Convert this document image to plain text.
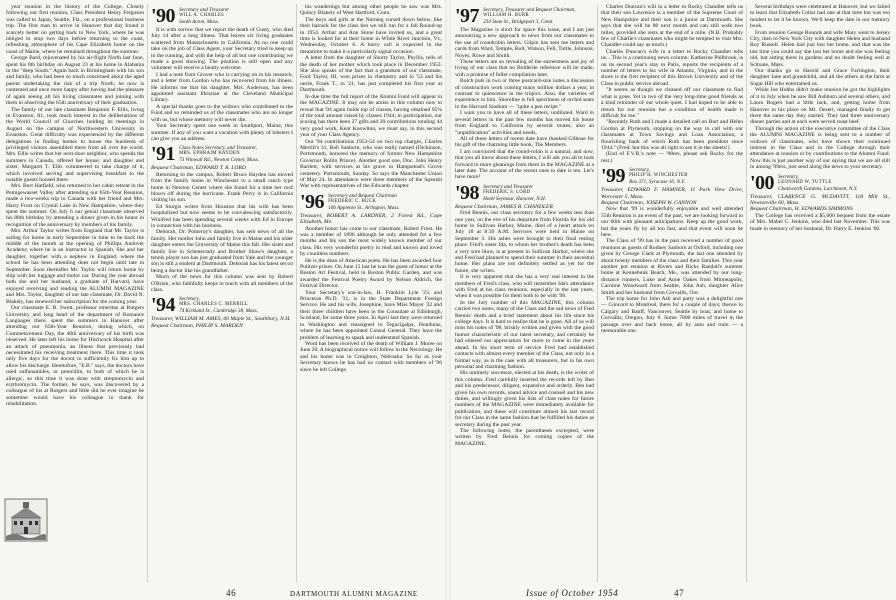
year reunion in the history of the College. Closely following our first reunion, Class President Henry Ferguson was called to Japan, Seattle, Fla., on a professional business trip. The first man to arrive in Hanover that day found it scarcely better on getting back to New York, where he was obliged to stop two days before returning to the coast, refreshing atmosphere of his Cape Elizabeth home on the coast of Maine, where he remained throughout the summer.

George Bard, rejuvenated by his air-flight North last June, spent his 8th birthday on August 23 at his home in Alabama in the "deep South." Again back in Birmingham with his son and family, who had been so much concerned about the aged parent undertaking the risk of a trip North, he now is contented and once more happy after having had the pleasure of again seeing all his living classmates and joining with them in observing the 65th anniversary of their graduation.

The family of our late classmate Benjamin F. Ellis, living in Evanston, Ill., took much interest in the deliberations of the World Council of Churches holding its meetings in August on the campus of Northwestern University in Evanston. Great difficulty was experienced by the different delegations in finding homes to house the hundreds of privileged visitors assembled there from all over the world. Mrs. Ellis writes that her next-door neighbor, who spends the summers in Canada, offered her house; and daughter and sister, Margaret T. Ellis volunteered to take charge of it, which involved serving and supervising breakfast to the notable guests housed there.

Mrs. Burr Hatfield, who returned to her cabin retreat in the Pemigewasset Valley after attending our 65th-Year Reunion, made a two-weeks trip to Canada with her friend and Mrs. Harry Frost on Crystal Lake in New Hampshire, where they spent the summer. On July 6 our genial classmate observed his 88th birthday by attending a dinner given in his honor in recognition of the anniversary by members of his family.

Mrs. Arthur Taylor writes from England that Mr. Taylor is sailing for home in early September in time to be back the middle of the month at the opening of Phillips Andover Academy where he is an instructor in Spanish. She and her daughter, together with a nephew in England, where the school he has been attending does not begin until late in September. Soon thereafter Mr. Taylor will return home by ship with her luggage and motor car. During the year abroad both she and her husband, a graduate of Harvard, have enjoyed receiving and reading the ALUMNI MAGAZINE and Mrs. Taylor, daughter of our late classmate, Dr. David N. Blakely, has renewed her subscription for the coming year.

Our classmate E. B. Swett, professor emeritus at Rutgers University and long head of the department of Romance Languages there, spent the summers in Hanover after attending our 65th-Year Reunion, during which, on Commencement Day, the 40th anniversary of his birth was observed. He later left his home for Hitchcock Hospital after an attack of pneumonia, an illness that previously had necessitated his receiving treatment there. This time it took only five days for the doctor to sufficiently fix him up to allow his discharge. Heretofore, "E.B." says, the doctors have used sulfanamides, or penicillin, to both of which he is allergic, so this time it was done with streptomycin and erythromycin. The former, he says, was discovered by a colleague of his at Rutgers and little did he ever imagine he sometime would have his colleague to thank for rehabilitation.

'90 Secretary and Treasurer
WILL A. CHARLES
South Acton, Mass.

It is with sorrow that we report the death of Gusty, who died July 14 after a long illness. That leaves six living graduates scattered from Massachusetts to California. As no one could take on the job of Class Agent, your Secretary tried to keep up in the running, and with the help of all but one contributing we made a good showing. The position is still open and any volunteer will receive a hearty welcome.

I had a note from Grover who is carrying on in his research, and a letter from Gordon who has recovered from his illness. He informs me that his daughter, Mrs. Anderson, has been appointed assistant librarian at the Cleveland Municipal Library.

A special thanks goes to the widows who contributed to the Fund and so reminded us of the classmates who are no longer with us, but whose memory will never die.

Your Secretary spent one week in Southport, Maine, this summer. If any of you want a vacation with plenty of lobsters I can give you an address.

'91 Class Notes Secretary, and Treasurer,
MRS. EPHRAIM HAYDEN
73 Winwall Rd., Newton Center, Mass.

Bequest Chairman, EDWARD T. R. LORD

Returning to the campus, Robert Bruce Hayden has moved from the family home in Winchester to a small ranch type home in Newton Center where she found for a time her roof blown off during the hurricane. Frank Perry is in California visiting his son.

Ed Sturgis writes from Houston that his wife has been hospitalized but now seems to be convalescing satisfactorily. Winifred has been spending several weeks with Ed in Europe in connection with his business.

Deborah, Dr. Pomeroy's daughter, has sent news of all the family. Her mother John and family live in Maine and his older daughter enters the University of Maine this fall. Her sister and family live in Schenectady and Brother Shaw's daughter, a tennis player son has just graduated from Yale and the younger son is still a student at Dartmouth. Deborah has his latest set on being a doctor like his grandfather.

Much of the news for this column was sent by Robert O'Brien, who faithfully keeps in touch with all members of the class.

'94 Secretary,
MRS. CHARLES C. MERRILL
74 Kirkland St., Cambridge 38, Mass.

Treasurer, WILLIAM M. AMES, 60 Maple St., Southbury, N.H.

Bequest Chairman, PHILIP S. MARDEN

his wanderings but among other people he saw was Mrs. Quincy Blakely of West Hartford, Conn.

The boys and girls at the Nutmeg cursed down below, like their barrack for the class ties we still run for a fall Round-up in 1954. Arthur and Ann Stone have invited us, and a great time is looked for at their home in White River Junction, Vt., Wednesday, October 6. A hurry call is expected in the meantime to make it a particularly signal occasion.

A letter from the daughter of Shorty Taylor, Phyllis, tells of the death of her mother which took place in December 1953. She also speaks of the fact that a grandson of our classmate, Ford Taylor, III, won prizes in chemistry and in '53 and his uncle, Frank T., in '21, has just completed his first year at Dartmouth.

In due time the full report of the Alumni Fund will appear in the MAGAZINE. It may not be amiss in this column now to reveal that '94 again holds top of classes, having obtained 95% of the total amount raised by classes 1944; in participation, our scoring has there been 27 gifts and 20 contributions totaling 44 very good work, Kent Knowlton, we must say, in this second year of your Class Agency.

Our '94 contributions 1953-54 on two top charges, Charles Merrill's 31, Bob Sanborn, who was really named (Dickinson, Portsmouth, honored the memory of former New Hampshire Governor Rollin Prince). Another good one, Doc. John Henry Bartlett, with services at his grave in Hampstead's Grove cemetery. Portsmouth, Sunday. So says the Manchester Union of May 24. In attendance were three members of the Spanish War with representatives of the Edwards chapter.

'96 Secretary and Bequest Chairman
FREDERIC C. BUCK
106 Appleton St., Arlington, Mass.

Treasurer, ROBERT A. LARDNER, 2 Forest Rd., Cape Elizabeth, Me.

Another honor has come to our classmate, Robert Frost. He was a member of 1896 although he only attended for a few months and his son the most widely known member of our class. His very wonderful poetry in read and known and loved by countless numbers.

He is the dean of American poets. He has been awarded four Pulitzer prizes. On June 15 last he was the guest of honor at the Boston Art Festival, held in Boston Public Garden, and was awarded the Festival Poetry Award by Nelson Aldrich, the Festival Director.

Your Secretary's son-in-law, H. Franklin Lyle '23, and Princeton Ph.D. '31, is in the State Department Foreign Service. He and his wife, Josephine, have Miss Mayer '32 and their three children have been in the Consulate at Edinburgh, Scotland, for some three years. In April last they were returned to Washington and reassigned to Tegucigalpa, Honduras, where he has been appointed Consul General. They have the problem of learning to speak and understand Spanish.

Word has been received of the death of William J. Moree on June 20. A biographical notice will follow in the Necrology. He and his home was in Creighton, Nebraska. So far as your Secretary knows he has had no contact with members of '96 since he left College.

'97 Secretary, Treasurer and Bequest Chairman,
WILLIAM H. BURR
234 State St., Bridgeport 3, Conn.

The Magazine is short for space this issue, and I am just announcing a new approach to news from our classmates to the use of roundrobin letters. Gilpin has sent me letters and cards from Ward, Temple, Bolt, Watson, Fell, Tuttle, Johnson, Noyes, Rowe and Smith.

These letters are so revealing of the earnestness and joy of living of our class that no Bolderite reference will be made, with a promise of fuller compilation later.

Bolch puts in two or three postcard-size notes a discussion of construction work coming many million dollars a year, in contrast to quiescence in the tropics. Also, the varieties of experience in him. Shoreline is full specimens of orchid seats in the Harvard Stadium — "quite a pen recipe."

I want you to have all of these letters, undiluted. Ward in several letters in the past few months has moved his home from England to California by several routes; also an "unpublication" activities and needs.

All of these letters of recent date have thanked Gilbose for his gift of the charming little book, The Members.

I am convinced that the round-robin is a natural, and now, that you all know about these letters, I will ask you all to look forward to more gleanings from them in the MAGAZINE at a later date. The account of the recent ones to date is ten. Let's have more!

'98 Secretary and Treasurer
FREDERIC S. LORD
Hotel Seymour, Hanover, N.H.

Bequest Chairman, JAMES B. CHANDLER

Fred Bennis, our class secretary for a few weeks less than one year, on the eve of his departure from Florida for his old home in Sullivan Harbor, Maine, died of a heart attack on July 18 at 8:30 A.M. Services were held in Maine on September 3. His ashes were brought to their final resting place. Fred's sister Ida, to whom her brother's death has been a very sore blow, is at present in Sullivan Harbor, where she and Fred had planned to spend their summer in their ancestral home. Her plans are not definitely settled as yet for the future, she writes.

It is very apparent that she has a very real interest in the members of Fred's class, who will remember Ida's attendance with Fred at his class reunions, especially in the last years, when it was possible for them both to be with '98.

In the July number of this MAGAZINE, this column carried two notes, many of the Class and the sad news of Fred Bennis' death and a brief statement about his life since his college days. It is hard to realize that he is gone. All of us will miss his notes of '98, briskly written and given with the good humor characteristic of our latest secretary, and certainly he had entered our appreciation for more to come in the years ahead. In his short term of service Fred had established contacts with almost every member of the Class, not only in a formal way, as is the case with all treasurers, but in his own personal and charming fashion.

His untimely successor, elected at his death, is the writer of this column. Fred carefully inserted the records left by Ben and his predecessor, diligent, expansive and orderly. Ben had given his own records, sound advice and counsel and his new duties, and willingly given his lists of class notes for future numbers of the MAGAZINE were immediately available for publication, and these will constitute almost his last record for our Class in the same fashion that he fulfilled his duties as secretary during the past year.

The following notes, the parentheses excerpted, were written by Fred Bennis for coming copies of the MAGAZINE.

Charles Duncan's will in a letter to Rocky Chandler tells us that their son Lawrence is a member of the Supreme Court of New Hampshire and their son is a junior at Dartmouth. She says that she will be 80 next month and can still walk two miles, provided she rests at the end of a mile. (N.B. Probably few of Charlie's classmates who might be tempted to visit Mrs. Chandler could say as much.)

Charles Duncan's wife in a letter to Rocky Chandler tells us... This is a continuing news column: Katherine Philbrook, is on its second year's stay in Paris, reports the recipients of a number of letters to his wife in Atlantic, Virginia, and in the shore is the first recipient of this Brown University and of the Class in public service abroad.

"It seems as though we cleaned off our classmate to find what is gone. Yet in two of the very long-time good friends as a kind reminder of our whole quiet. I had hoped to be able to return for our reunion but a condition of health made it difficult for me."

"Recently Ruth and I made a detailed call on Burt and Helen Gordon at Plymouth, stopping on the way to call with our classmates at Town Savings and Loan Association, a flourishing bank of which Ruth has been president since 1944." (Fred: but this was all right to see it in the sheets!)

(End of F.V.B.'s note — '98ers, please ask Rocky for the rest.)

'99 Secretary,
PHILIP H. WINCHESTER
Box 371, Syracuse 10, N.Y.

Treasurer, EDWARD F. HAMNER, 11 Park View Drive, Worcester 5, Mass.

Bequest Chairman, JOSEPH W. CANNON

Now that '99 is wonderfully enjoyable and well attended 55th Reunion is an event of the past, we are looking forward to our 60th with pleasant anticipations. Keep up the good work, but the years fly by all too fast, and that event will soon be here.

The Class of '99 has in the past received a number of good reunions as guests of Rodney Sanborn at Oxford, including one given by George Clark at Plymouth, the last one attended by about twenty members of the class and their families. This year another pot reunion at Rivers and Ricks Randall's summer home at Kennebunk Beach, Me., was attended by our long-distance runners, Luke and Anne Oakes from Minneapolis, Caroline Woodward from Seattle, John Ash, daughter Alice Smith and her husband from Corvallis, Ore.

The trip home for John Ash and party was a delightful one — Concord to Montreal, there for a couple of days; thence to Calgary and Banff, Vancouver, Seattle by boat, and home to Corvallis, Oregon, July 8. Some 7000 miles of travel in the passage over and back home, all by auto and train — a memorable one.

Several birthdays were celebrated at Hanover, but we failed to learn that Elizabeth Collar had one at that time but was too modest to let it be known. We'll keep the date in our memory book.

From reunion George Rounds and wife Mary went to Jersey City, then to New York City with daughter Helen and husband Roy Russell. Helen had just lost her home, and that was the last time you could say she lost her home and she was feeling old, but sitting there in gardens and no doubt feeling well at Scituate, Mass.

Our thanks go to Harold and Grace Farrington, their daughter Jane and grandchild, and all the others at the farm at Sugar Hill who entertained us.

While Joe Hobbs didn't make reunion he got the highlights of it in July when he saw Bill Ashburn and several others, and Laura Rogers had a little luck, and, getting home from Hanover to his place on Mt. Desert, managed finally to get there the same day they started. They had three anniversary dinner parties and at each were served roast beef.

Through the action of the executive committee of the Class the ALUMNI MAGAZINE is being sent to a number of widows of classmates, who have shown their continued interest in the Class and in the College through their attendance at reunion or by contributions to the Alumni Fund. Now this is just another way of our saying that we are all still in among '99ers, just send along the news to your secretary.

'00 Secretary,
LEONARD W. TUTTLE
Chatsworth Gardens, Larchmont, N.Y.

Treasurer, CLARENCE G. MCDAVITT, 118 Mill St., Newtonville 60, Mass.

Bequest Chairman, H. EDWARDS SIMMONS

The College has received a $5,000 bequest from the estate of Mrs. Mabel C. Jenkins, who died last November. This was made in memory of her husband, Dr. Harry E. Jenkins '00.

46	DARTMOUTH ALUMNI MAGAZINE	Issue of October 1954	47
